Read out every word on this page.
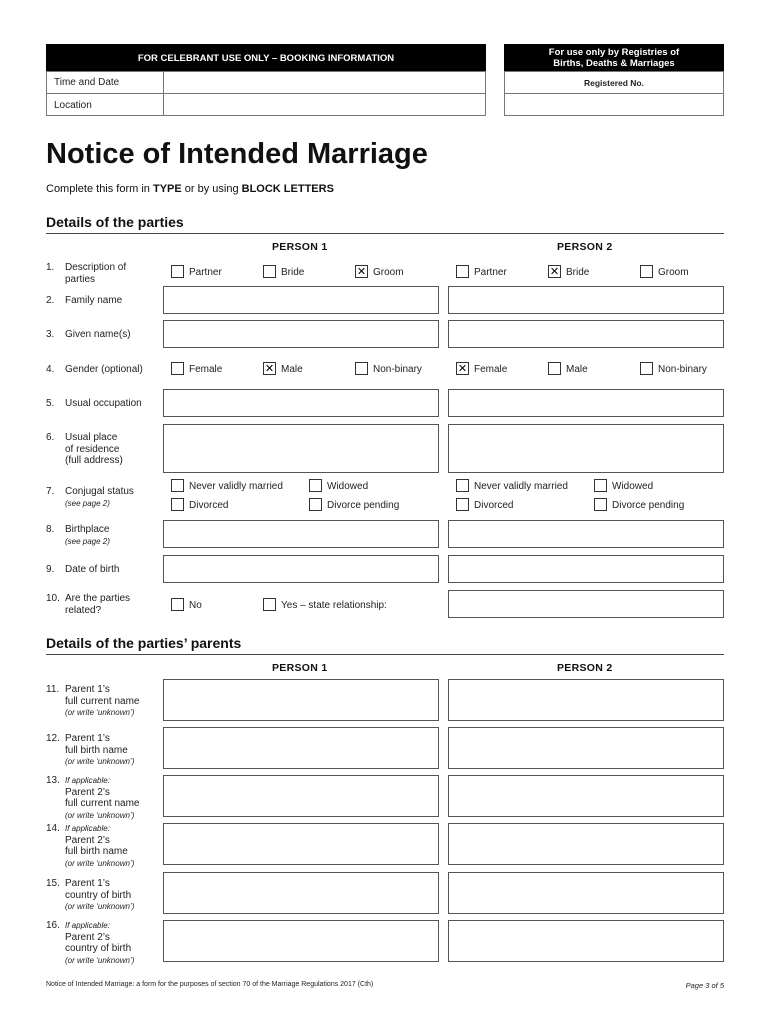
FOR CELEBRANT USE ONLY – BOOKING INFORMATION
Time and Date
Location
For use only by Registries of
Births, Deaths & Marriages
Registered No.
Notice of Intended Marriage
Complete this form in TYPE or by using BLOCK LETTERS
Details of the parties
PERSON 1	PERSON 2
1. Description of
parties
Partner	Bride ✕	Groom	Partner ✕	Bride	Groom
2. Family name
3. Given name(s)
4. Gender (optional)	Female ✕	Male	Non-binary ✕	Female	Male	Non-binary
5. Usual occupation
6. Usual place
of residence
(full address)
7. Conjugal status
(see page 2)
Never validly married	Widowed
Divorced	Divorce pending
Never validly married	Widowed
Divorced	Divorce pending
8. Birthplace
(see page 2)
9. Date of birth
10. Are the parties
related?	No	Yes – state relationship:
Details of the parties’ parents
PERSON 1	PERSON 2
11. Parent 1’s
full current name
(or write ‘unknown’)
12. Parent 1’s
full birth name
(or write ‘unknown’)
13. If applicable:
Parent 2’s
full current name
(or write ‘unknown’)
14. If applicable:
Parent 2’s
full birth name
(or write ‘unknown’)
15. Parent 1’s
country of birth
(or write ‘unknown’)
16. If applicable:
Parent 2’s
country of birth
(or write ‘unknown’)
Notice of Intended Marriage: a form for the purposes of section 70 of the Marriage Regulations 2017 (Cth)	Page 3 of 5
